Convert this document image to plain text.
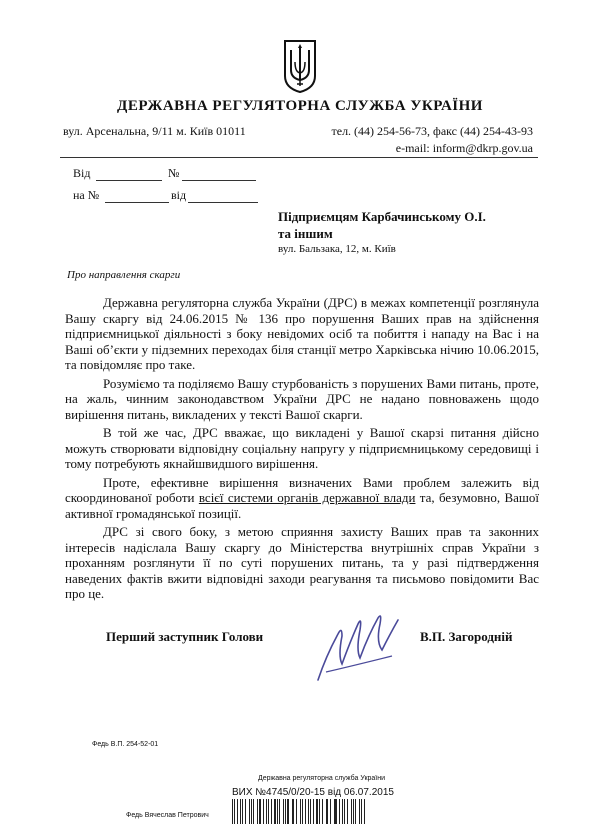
ДЕРЖАВНА РЕГУЛЯТОРНА СЛУЖБА УКРАЇНИ
вул. Арсенальна, 9/11 м. Київ 01011	тел. (44) 254-56-73, факс (44) 254-43-93
e-mail: inform@dkrp.gov.ua
Від	№
на №	від
Підприємцям Карбачинському О.І.
та іншим
вул. Бальзака, 12, м. Київ
Про направлення скарги

Державна регуляторна служба України (ДРС) в межах компетенції розглянула Вашу скаргу від 24.06.2015 № 136 про порушення Ваших прав на здійснення підприємницької діяльності з боку невідомих осіб та побиття і нападу на Вас і на Ваші об’єкти у підземних переходах біля станції метро Харківська нічию 10.06.2015, та повідомляє про таке.

Розуміємо та поділяємо Вашу стурбованість з порушених Вами питань, проте, на жаль, чинним законодавством України ДРС не надано повноважень щодо вирішення питань, викладених у тексті Вашої скарги.

В той же час, ДРС вважає, що викладені у Вашої скарзі питання дійсно можуть створювати відповідну соціальну напругу у підприємницькому середовищі і тому потребують якнайшвидшого вирішення.

Проте, ефективне вирішення визначених Вами проблем залежить від скоординованої роботи всієї системи органів державної влади та, безумовно, Вашої активної громадянської позиції.

ДРС зі свого боку, з метою сприяння захисту Ваших прав та законних інтересів надіслала Вашу скаргу до Міністерства внутрішніх справ України з проханням розглянути її по суті порушених питань, та у разі підтвердження наведених фактів вжити відповідні заходи реагування та письмово повідомити Вас про це.

Перший заступник Голови	В.П. Загородній
Федь В.П. 254-52-01
Державна регуляторна служба України
ВИХ №4745/0/20-15 від 06.07.2015
Федь Вячеслав Петрович
